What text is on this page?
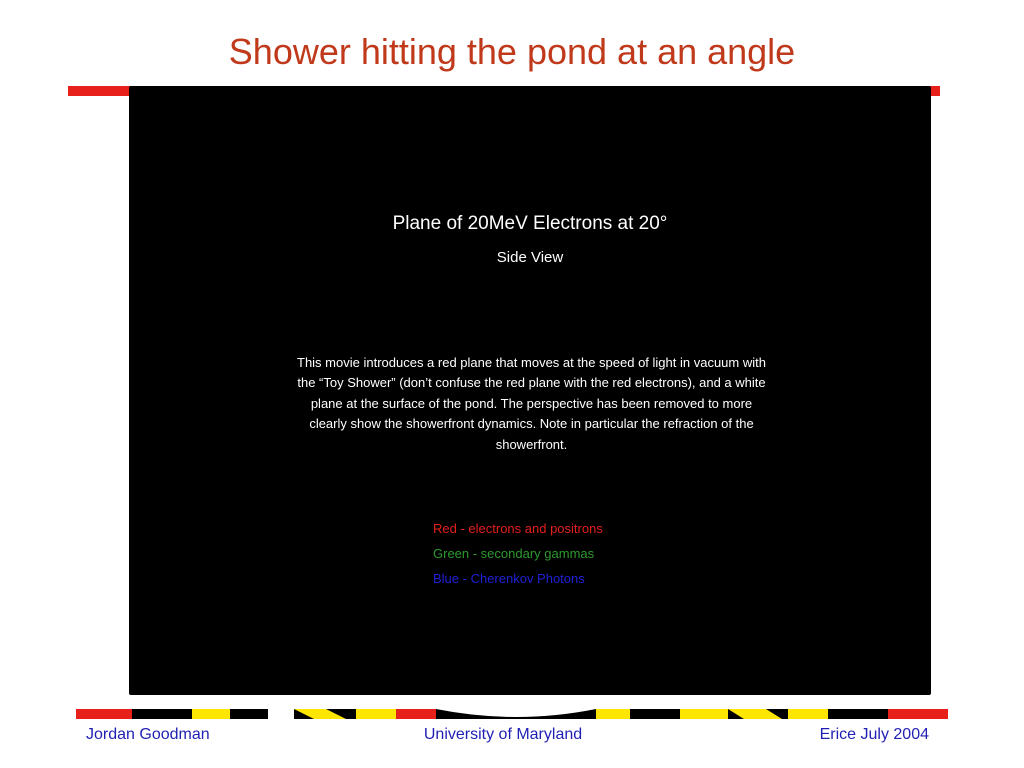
Shower hitting the pond at an angle
Plane of 20MeV Electrons at 20°
Side View
This movie introduces a red plane that moves at the speed of light in vacuum with the “Toy Shower” (don’t confuse the red plane with the red electrons), and a white plane at the surface of the pond. The perspective has been removed to more clearly show the showerfront dynamics. Note in particular the refraction of the showerfront.
Red - electrons and positrons
Green - secondary gammas
Blue - Cherenkov Photons
Jordan Goodman	University of Maryland	Erice July 2004
